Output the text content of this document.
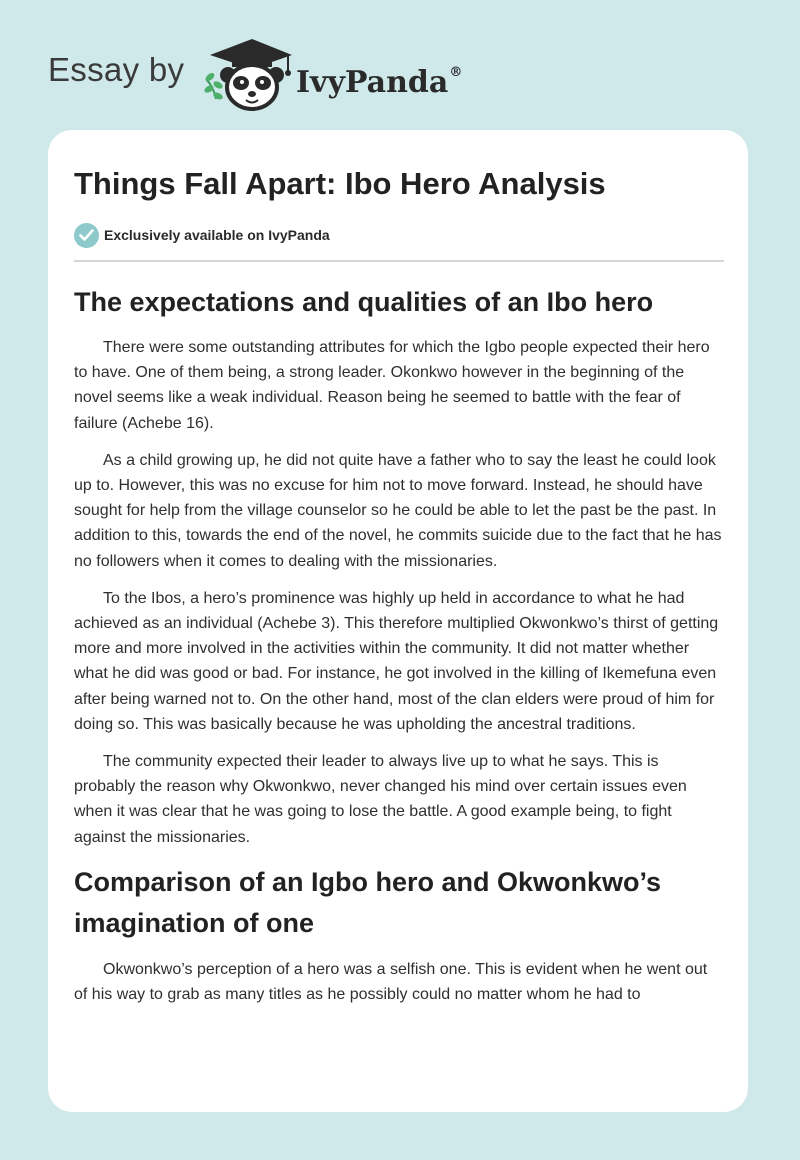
Essay by	IvyPanda®
Things Fall Apart: Ibo Hero Analysis
Exclusively available on IvyPanda
The expectations and qualities of an Ibo hero

There were some outstanding attributes for which the Igbo people expected their hero to have. One of them being, a strong leader. Okonkwo however in the beginning of the novel seems like a weak individual. Reason being he seemed to battle with the fear of failure (Achebe 16).

As a child growing up, he did not quite have a father who to say the least he could look up to. However, this was no excuse for him not to move forward. Instead, he should have sought for help from the village counselor so he could be able to let the past be the past. In addition to this, towards the end of the novel, he commits suicide due to the fact that he has no followers when it comes to dealing with the missionaries.

To the Ibos, a hero’s prominence was highly up held in accordance to what he had achieved as an individual (Achebe 3). This therefore multiplied Okwonkwo’s thirst of getting more and more involved in the activities within the community. It did not matter whether what he did was good or bad. For instance, he got involved in the killing of Ikemefuna even after being warned not to. On the other hand, most of the clan elders were proud of him for doing so. This was basically because he was upholding the ancestral traditions.

The community expected their leader to always live up to what he says. This is probably the reason why Okwonkwo, never changed his mind over certain issues even when it was clear that he was going to lose the battle. A good example being, to fight against the missionaries.

Comparison of an Igbo hero and Okwonkwo’s imagination of one

Okwonkwo’s perception of a hero was a selfish one. This is evident when he went out of his way to grab as many titles as he possibly could no matter whom he had to
